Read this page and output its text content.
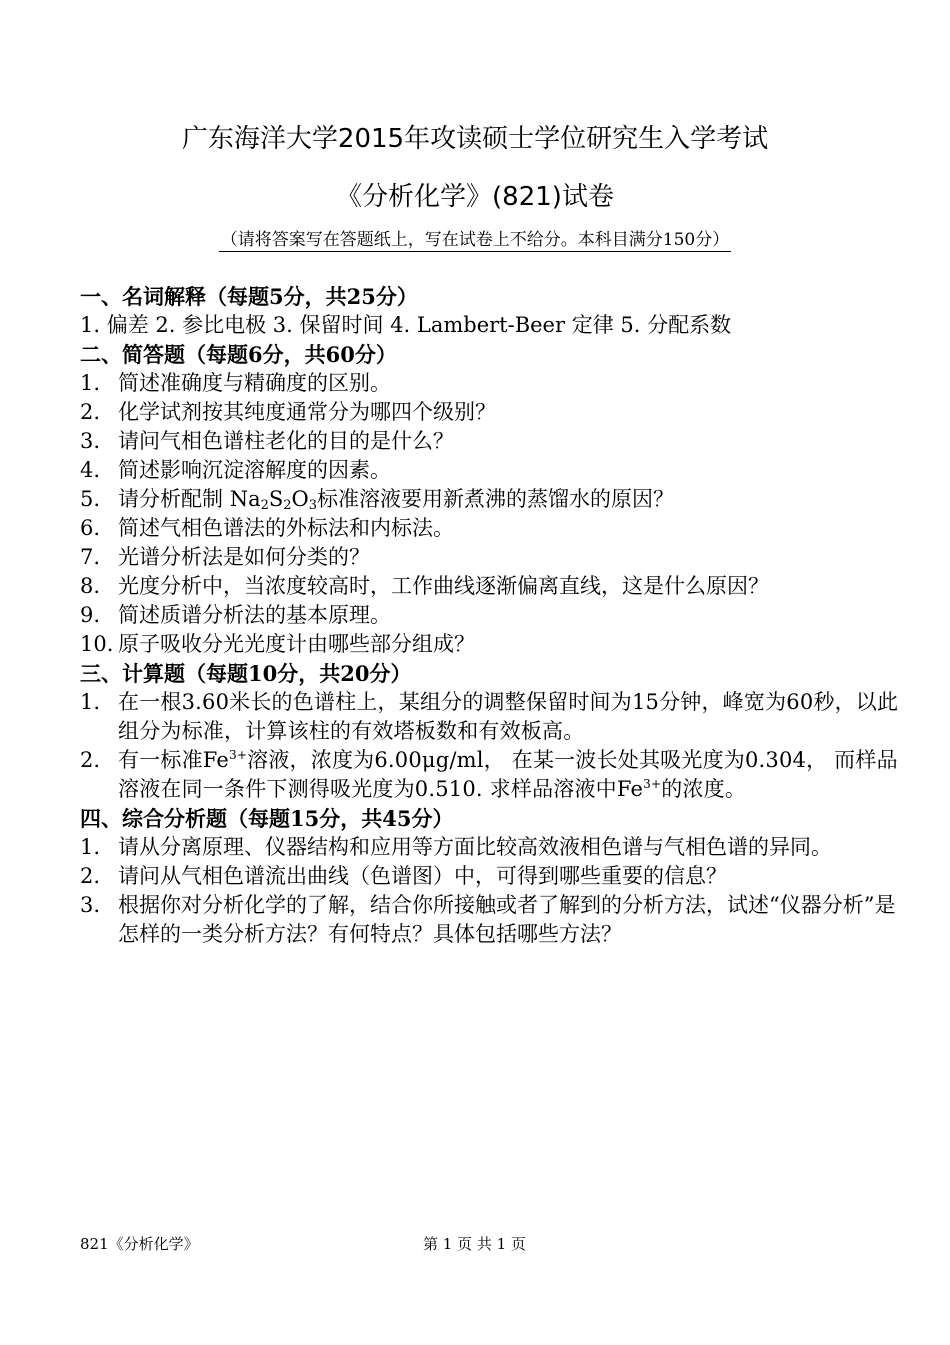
广东海洋大学2015年攻读硕士学位研究生入学考试
《分析化学》(821)试卷
（请将答案写在答题纸上，写在试卷上不给分。本科目满分150分）
一、名词解释（每题5分，共25分）
1. 偏差 2. 参比电极 3. 保留时间 4. Lambert-Beer 定律 5. 分配系数
二、简答题（每题6分，共60分）
1. 简述准确度与精确度的区别。
2. 化学试剂按其纯度通常分为哪四个级别？
3. 请问气相色谱柱老化的目的是什么？
4. 简述影响沉淀溶解度的因素。
5. 请分析配制 $Na_2S_2O_3$标准溶液要用新煮沸的蒸馏水的原因？
6. 简述气相色谱法的外标法和内标法。
7. 光谱分析法是如何分类的？
8. 光度分析中，当浓度较高时，工作曲线逐渐偏离直线，这是什么原因？
9. 简述质谱分析法的基本原理。
10. 原子吸收分光光度计由哪些部分组成？
三、计算题（每题10分，共20分）
1. 在一根3.60米长的色谱柱上，某组分的调整保留时间为15分钟，峰宽为60秒，以此组分为标准，计算该柱的有效塔板数和有效板高。
2. 有一标准$Fe^{3+}$溶液，浓度为6.00μg/ml， 在某一波长处其吸光度为0.304， 而样品溶液在同一条件下测得吸光度为0.510. 求样品溶液中$Fe^{3+}$的浓度。
四、综合分析题（每题15分，共45分）
1. 请从分离原理、仪器结构和应用等方面比较高效液相色谱与气相色谱的异同。
2. 请问从气相色谱流出曲线（色谱图）中，可得到哪些重要的信息？
3. 根据你对分析化学的了解，结合你所接触或者了解到的分析方法，试述“仪器分析”是怎样的一类分析方法？有何特点？具体包括哪些方法？
821《分析化学》	第 1 页 共 1 页
